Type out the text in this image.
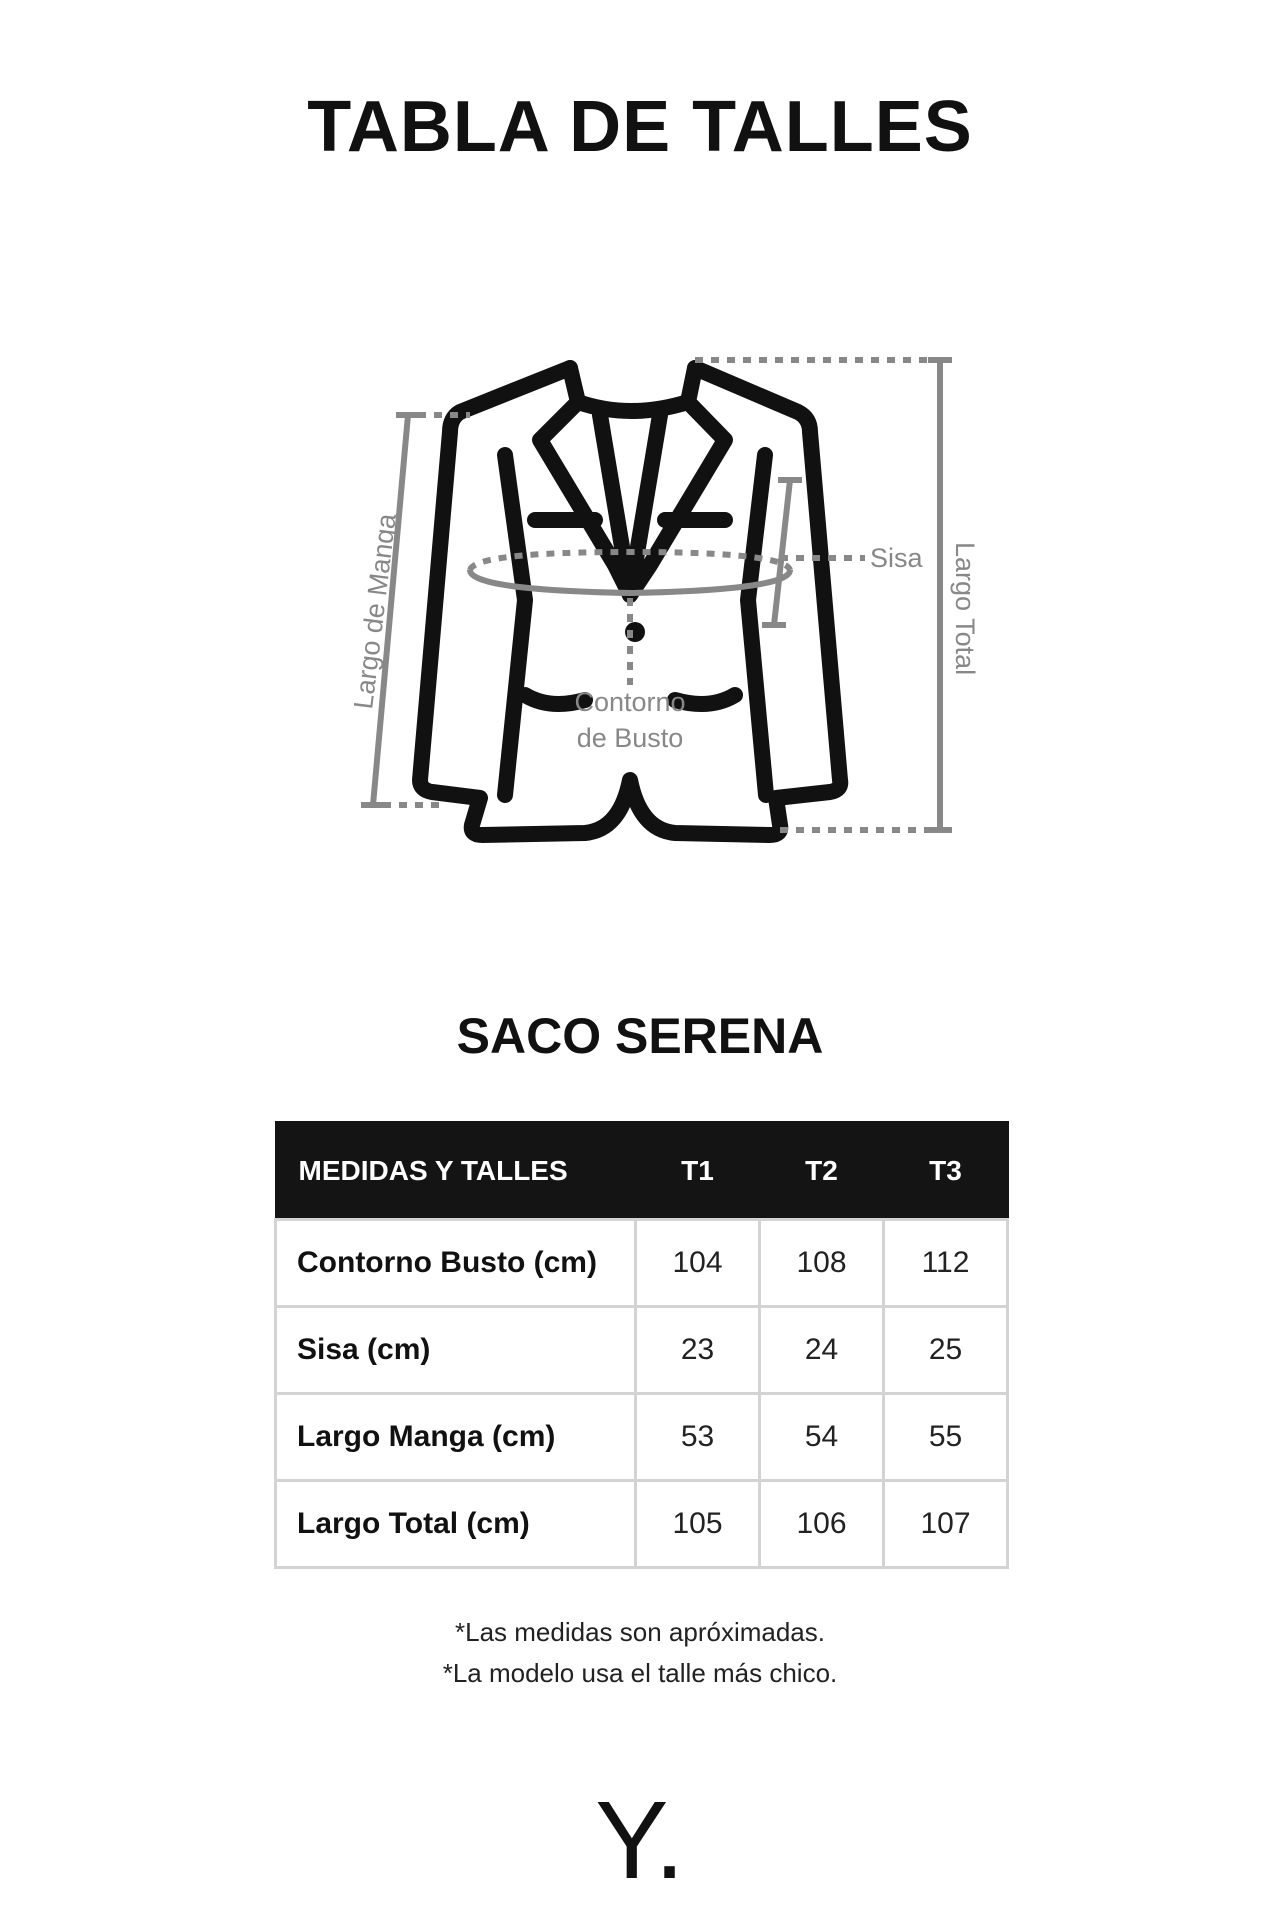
TABLA DE TALLES
Largo de Manga	Sisa Largo Total
Contorno
de Busto
SACO SERENA
MEDIDAS Y TALLES	T1	T2	T3
Contorno Busto (cm)	104	108	112
Sisa (cm)	23	24	25
Largo Manga (cm)	53	54	55
Largo Total (cm)	105	106	107

*Las medidas son apróximadas.

*La modelo usa el talle más chico.

Y.
